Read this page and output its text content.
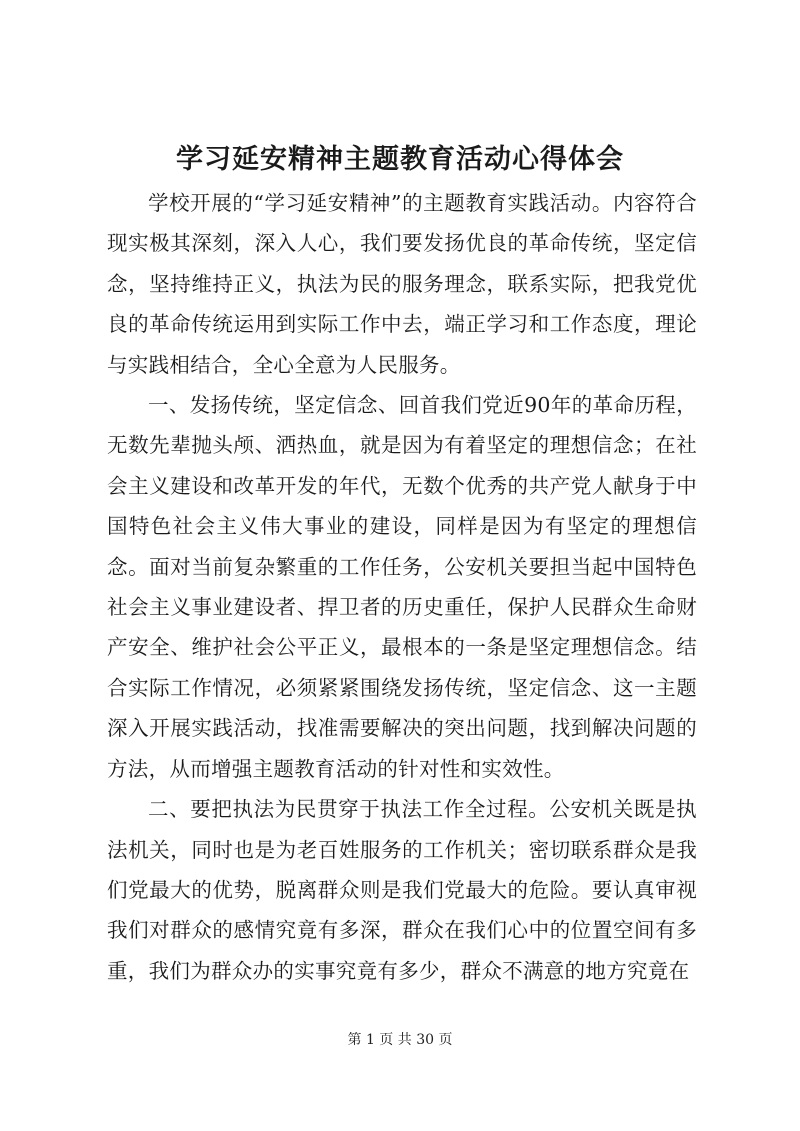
学习延安精神主题教育活动心得体会

学校开展的“学习延安精神”的主题教育实践活动。内容符合现实极其深刻，深入人心，我们要发扬优良的革命传统，坚定信念，坚持维持正义，执法为民的服务理念，联系实际，把我党优良的革命传统运用到实际工作中去，端正学习和工作态度，理论与实践相结合，全心全意为人民服务。

一、发扬传统，坚定信念、回首我们党近90年的革命历程，无数先辈抛头颅、洒热血，就是因为有着坚定的理想信念；在社会主义建设和改革开发的年代，无数个优秀的共产党人献身于中国特色社会主义伟大事业的建设，同样是因为有坚定的理想信念。面对当前复杂繁重的工作任务，公安机关要担当起中国特色社会主义事业建设者、捍卫者的历史重任，保护人民群众生命财产安全、维护社会公平正义，最根本的一条是坚定理想信念。结合实际工作情况，必须紧紧围绕发扬传统，坚定信念、这一主题深入开展实践活动，找准需要解决的突出问题，找到解决问题的方法，从而增强主题教育活动的针对性和实效性。

二、要把执法为民贯穿于执法工作全过程。公安机关既是执法机关，同时也是为老百姓服务的工作机关；密切联系群众是我们党最大的优势，脱离群众则是我们党最大的危险。要认真审视我们对群众的感情究竟有多深，群众在我们心中的位置空间有多重，我们为群众办的实事究竟有多少，群众不满意的地方究竟在

第 1 页 共 30 页
